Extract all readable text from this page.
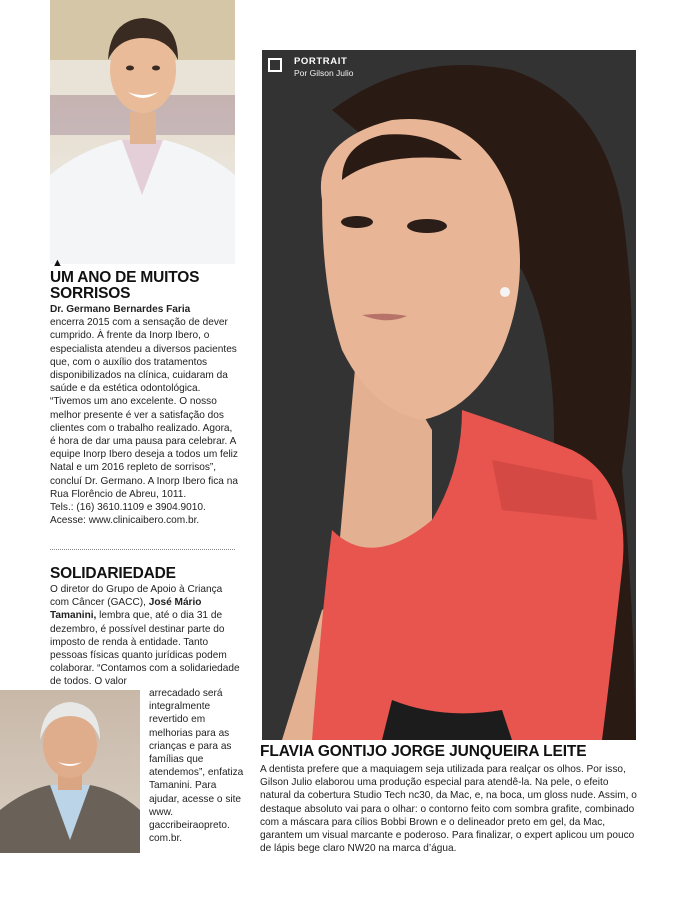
▲
UM ANO DE MUITOS SORRISOS
Dr. Germano Bernardes Faria
encerra 2015 com a sensação de dever cumprido. À frente da Inorp Ibero, o especialista atendeu a diversos pacientes que, com o auxílio dos tratamentos disponibilizados na clínica, cuidaram da saúde e da estética odontológica. “Tivemos um ano excelente. O nosso melhor presente é ver a satisfação dos clientes com o trabalho realizado. Agora, é hora de dar uma pausa para celebrar. A equipe Inorp Ibero deseja a todos um feliz Natal e um 2016 repleto de sorrisos”, concluí Dr. Germano. A Inorp Ibero fica na Rua Florêncio de Abreu, 1011.

Tels.: (16) 3610.1109 e 3904.9010.

Acesse: www.clinicaibero.com.br.

SOLIDARIEDADE

O diretor do Grupo de Apoio à Criança com Câncer (GACC), José Mário Tamanini, lembra que, até o dia 31 de dezembro, é possível destinar parte do imposto de renda à entidade. Tanto pessoas físicas quanto jurídicas podem colaborar. “Contamos com a solidariedade de todos. O valor

arrecadado será integralmente revertido em melhorias para as crianças e para as famílias que atendemos”, enfatiza Tamanini. Para ajudar, acesse o site www. gaccribeiraopreto. com.br.

PORTRAIT
Por Gilson Julio
FLAVIA GONTIJO JORGE JUNQUEIRA LEITE

A dentista prefere que a maquiagem seja utilizada para realçar os olhos. Por isso, Gilson Julio elaborou uma produção especial para atendê-la. Na pele, o efeito natural da cobertura Studio Tech nc30, da Mac, e, na boca, um gloss nude. Assim, o destaque absoluto vai para o olhar: o contorno feito com sombra grafite, combinado com a máscara para cílios Bobbi Brown e o delineador preto em gel, da Mac, garantem um visual marcante e poderoso. Para finalizar, o expert aplicou um pouco de lápis bege claro NW20 na marca d’água.
